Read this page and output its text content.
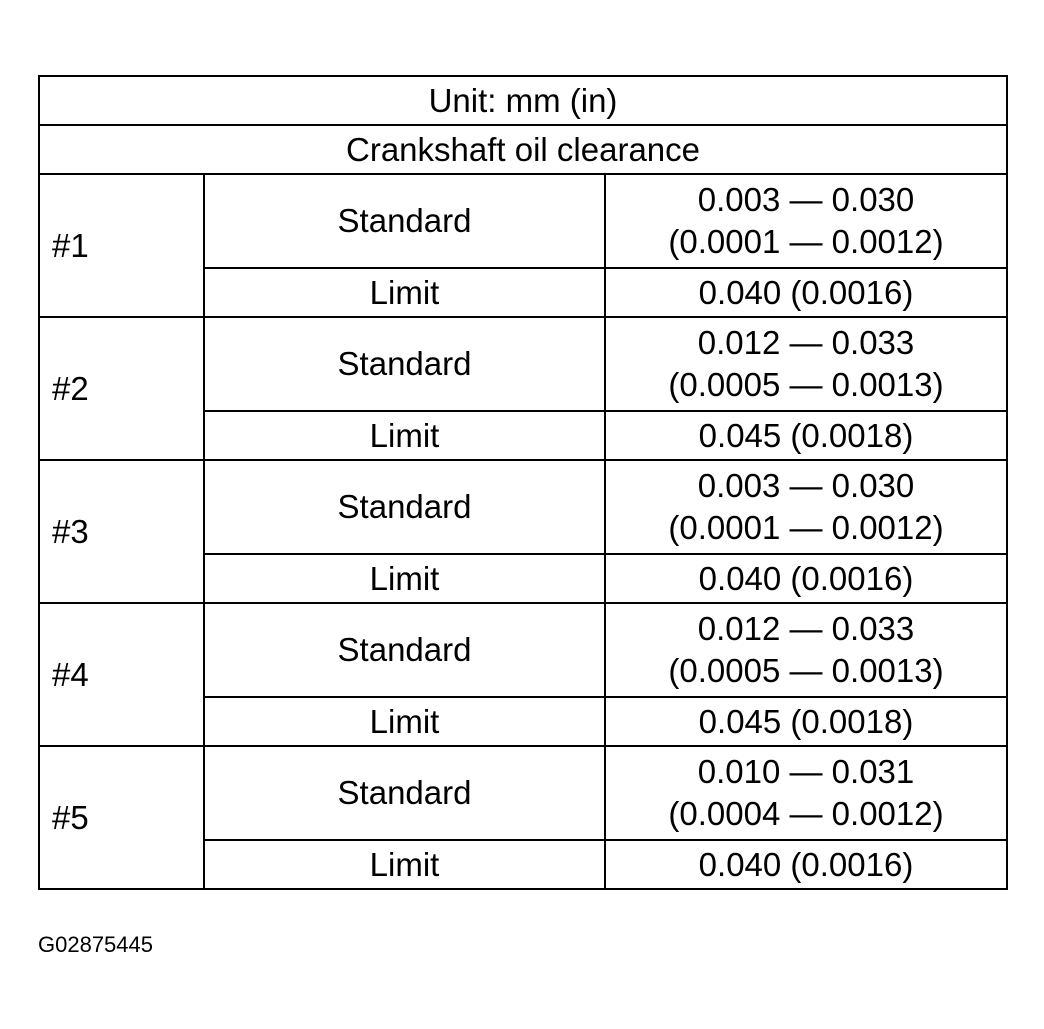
Unit: mm (in)		
Crankshaft oil clearance		
#1	Standard	0.003 — 0.030
(0.0001 — 0.0012)

	Limit	0.040 (0.0016)
#2	Standard	0.012 — 0.033
(0.0005 — 0.0013)

	Limit	0.045 (0.0018)
#3	Standard	0.003 — 0.030
(0.0001 — 0.0012)

	Limit	0.040 (0.0016)
#4	Standard	0.012 — 0.033
(0.0005 — 0.0013)

	Limit	0.045 (0.0018)
#5	Standard	0.010 — 0.031
(0.0004 — 0.0012)

	Limit	0.040 (0.0016)
G02875445
